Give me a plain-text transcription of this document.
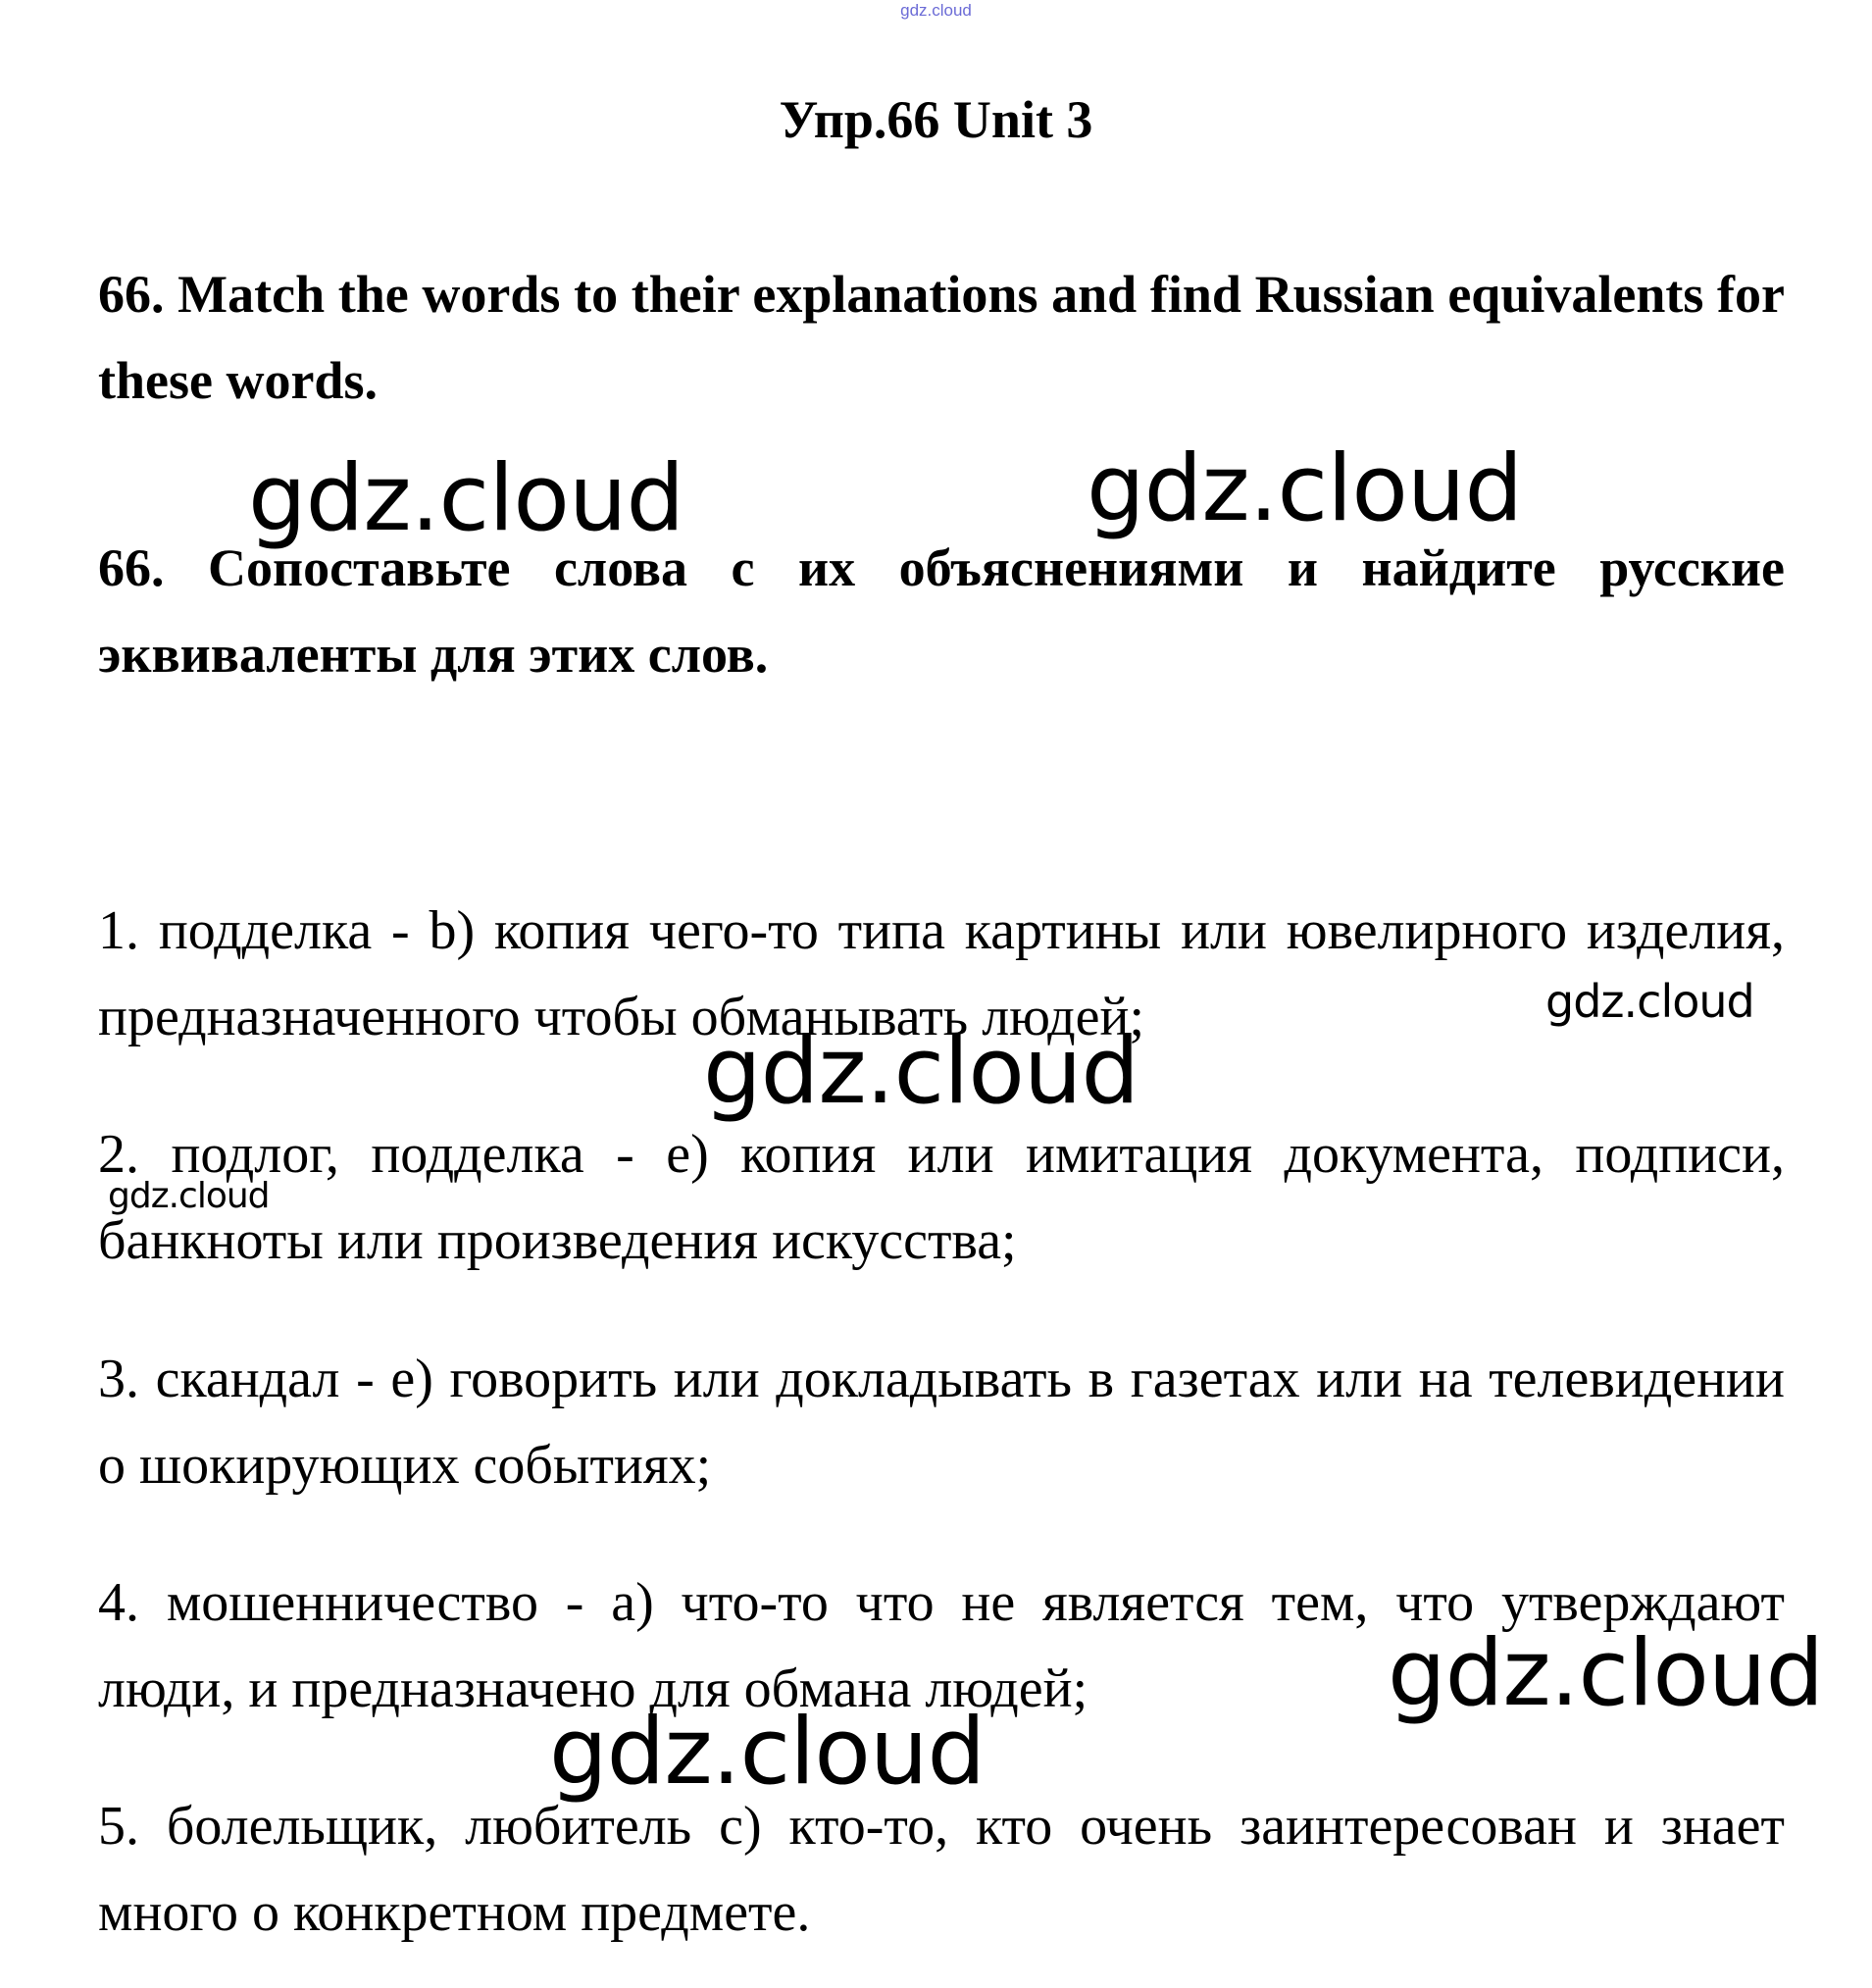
gdz.cloud
Упр.66 Unit 3
66. Match the words to their explanations and find Russian equivalents for these words.
66. Сопоставьте слова с их объяснениями и найдите русские эквиваленты для этих слов.
1. подделка - b) копия чего-то типа картины или ювелирного изделия, предназначенного чтобы обманывать людей;
2. подлог, подделка - e) копия или имитация документа, подписи, банкноты или произведения искусства;
3. скандал - e) говорить или докладывать в газетах или на телевидении о шокирующих событиях;
4. мошенничество - a) что-то что не является тем, что утверждают люди, и предназначено для обмана людей;
5. болельщик, любитель c) кто-то, кто очень заинтересован и знает много о конкретном предмете.
gdz.cloud	gdz.cloud
gdz.cloud
gdz.cloud
gdz.cloud
gdz.cloud
gdz.cloud
